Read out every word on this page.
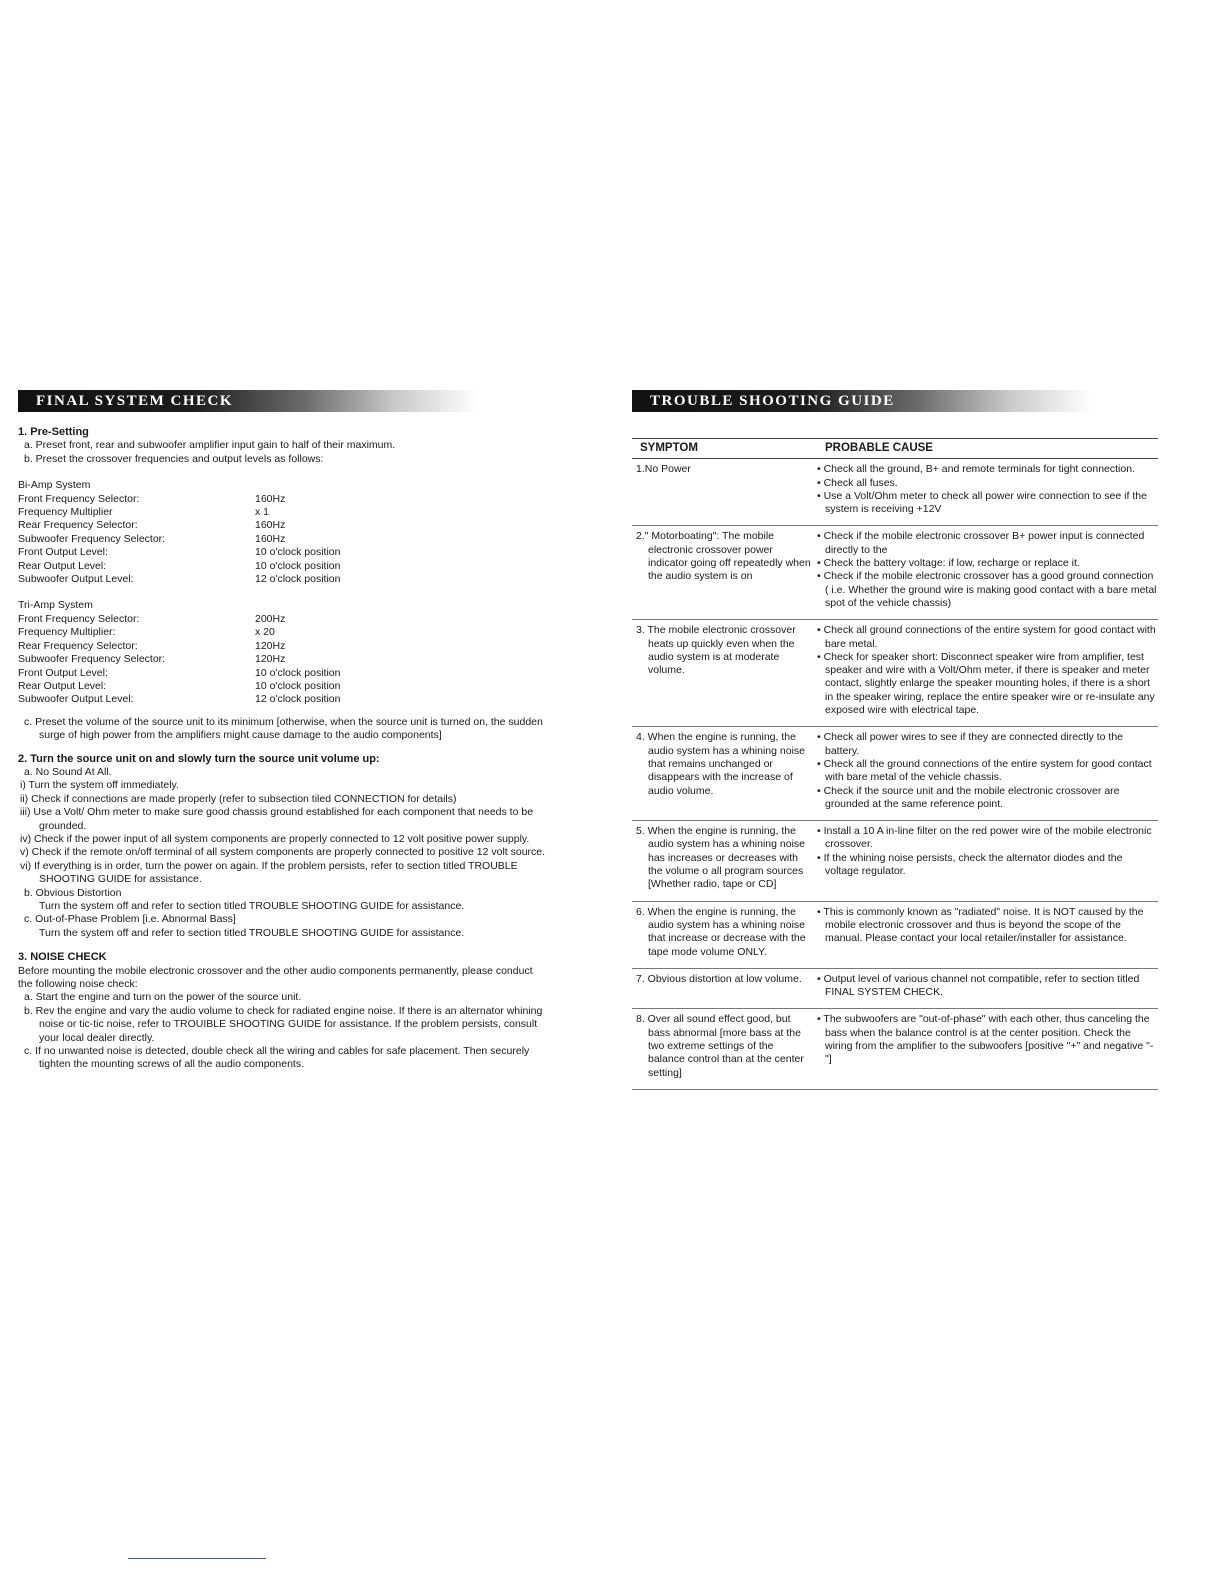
FINAL SYSTEM CHECK
1. Pre-Setting
a. Preset front, rear and subwoofer amplifier input gain to half of their maximum.
b. Preset the crossover frequencies and output levels as follows:
Bi-Amp System
Front Frequency Selector:	160Hz
Frequency Multiplier	x 1
Rear Frequency Selector:	160Hz
Subwoofer Frequency Selector:	160Hz
Front Output Level:	10 o'clock position
Rear Output Level:	10 o'clock position
Subwoofer Output Level:	12 o'clock position
Tri-Amp System
Front Frequency Selector:	200Hz
Frequency Multiplier:	x 20
Rear Frequency Selector:	120Hz
Subwoofer Frequency Selector:	120Hz
Front Output Level:	10 o'clock position
Rear Output Level:	10 o'clock position
Subwoofer Output Level:	12 o'clock position
c. Preset the volume of the source unit to its minimum [otherwise, when the source unit is turned on, the sudden surge of high power from the amplifiers might cause damage to the audio components]
2. Turn the source unit on and slowly turn the source unit volume up:
a. No Sound At All.
i) Turn the system off immediately.
ii) Check if connections are made properly (refer to subsection tiled CONNECTION for details)
iii) Use a Volt/ Ohm meter to make sure good chassis ground established for each component that needs to be grounded.
iv) Check if the power input of all system components are properly connected to 12 volt positive power supply.
v) Check if the remote on/off terminal of all system components are properly connected to positive 12 volt source.
vi) If everything is in order, turn the power on again. If the problem persists, refer to section titled TROUBLE SHOOTING GUIDE for assistance.
b. Obvious Distortion
Turn the system off and refer to section titled TROUBLE SHOOTING GUIDE for assistance.
c. Out-of-Phase Problem [i.e. Abnormal Bass]
Turn the system off and refer to section titled TROUBLE SHOOTING GUIDE for assistance.
3. NOISE CHECK
Before mounting the mobile electronic crossover and the other audio components permanently, please conduct the following noise check:
a. Start the engine and turn on the power of the source unit.
b. Rev the engine and vary the audio volume to check for radiated engine noise. If there is an alternator whining noise or tic-tic noise, refer to TROUIBLE SHOOTING GUIDE for assistance. If the problem persists, consult your local dealer directly.
c. If no unwanted noise is detected, double check all the wiring and cables for safe placement. Then securely tighten the mounting screws of all the audio components.
TROUBLE SHOOTING GUIDE
SYMPTOM	PROBABLE CAUSE

1.No Power	• Check all the ground, B+ and remote terminals for tight connection.
• Check all fuses.
• Use a Volt/Ohm meter to check all power wire connection to see if the system is receiving +12V

2." Motorboating": The mobile electronic crossover power indicator going off repeatedly when the audio system is on	• Check if the mobile electronic crossover B+ power input is connected directly to the
• Check the battery voltage: if low, recharge or replace it.
• Check if the mobile electronic crossover has a good ground connection ( i.e. Whether the ground wire is making good contact with a bare metal spot of the vehicle chassis)

3. The mobile electronic crossover heats up quickly even when the audio system is at moderate volume.	• Check all ground connections of the entire system for good contact with bare metal.
• Check for speaker short: Disconnect speaker wire from amplifier, test speaker and wire with a Volt/Ohm meter, if there is speaker and meter contact, slightly enlarge the speaker mounting holes, if there is a short in the speaker wiring, replace the entire speaker wire or re-insulate any exposed wire with electrical tape.

4. When the engine is running, the audio system has a whining noise that remains unchanged or disappears with the increase of audio volume.	• Check all power wires to see if they are connected directly to the battery.
• Check all the ground connections of the entire system for good contact with bare metal of the vehicle chassis.
• Check if the source unit and the mobile electronic crossover are grounded at the same reference point.

5. When the engine is running, the audio system has a whining noise has increases or decreases with the volume o all program sources [Whether radio, tape or CD]	• Install a 10 A in-line filter on the red power wire of the mobile electronic crossover.
• If the whining noise persists, check the alternator diodes and the voltage regulator.

6. When the engine is running, the audio system has a whining noise that increase or decrease with the tape mode volume ONLY.	• This is commonly known as "radiated" noise. It is NOT caused by the mobile electronic crossover and thus is beyond the scope of the manual. Please contact your local retailer/installer for assistance.

7. Obvious distortion at low volume.	• Output level of various channel not compatible, refer to section titled FINAL SYSTEM CHECK.

8. Over all sound effect good, but bass abnormal [more bass at the two extreme settings of the balance control than at the center setting]	• The subwoofers are "out-of-phase" with each other, thus canceling the bass when the balance control is at the center position. Check the wiring from the amplifier to the subwoofers [positive "+" and negative "-"]
